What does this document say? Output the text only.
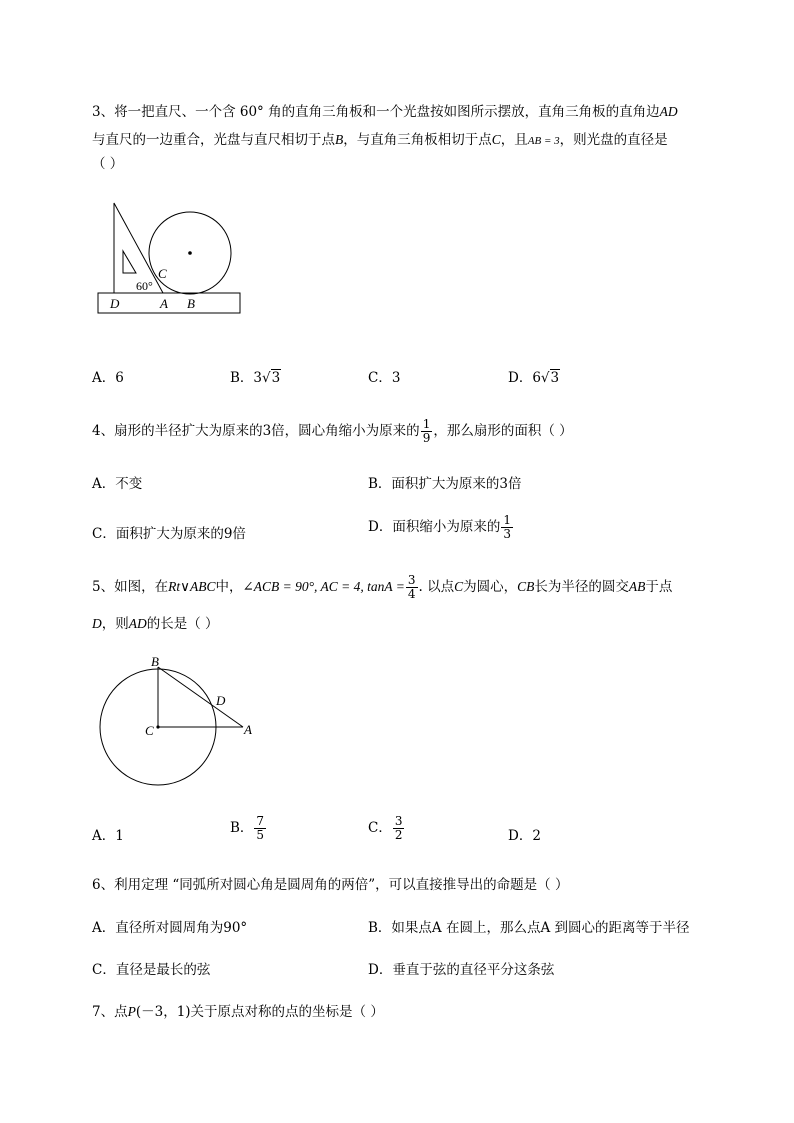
3、将一把直尺、一个含 60° 角的直角三角板和一个光盘按如图所示摆放，直角三角板的直角边AD
与直尺的一边重合，光盘与直尺相切于点B，与直角三角板相切于点C，且AB = 3，则光盘的直径是
（ ）
C
60°
D	A B
A．6	B．3√3	C．3	D．6√3
4、扇形的半径扩大为原来的3倍，圆心角缩小为原来的 $\frac{1}{9}$ ，那么扇形的面积（ ）
A．不变	B．面积扩大为原来的3倍
C．面积扩大为原来的9倍	D．面积缩小为原来的 $\frac{1}{3}$
5、如图，在Rt∨ABC中，∠ACB = 90°, AC = 4, $\tan A = \frac{3}{4}$ . 以点C为圆心，CB长为半径的圆交AB于点
D，则AD的长是（ ）
B
D
C	A
A．1	B． $\frac{7}{5}$	C． $\frac{3}{2}$	D．2
6、利用定理 “同弧所对圆心角是圆周角的两倍”，可以直接推导出的命题是（ ）
A．直径所对圆周角为90°	B．如果点A 在圆上，那么点A 到圆心的距离等于半径
C．直径是最长的弦	D．垂直于弦的直径平分这条弦
7、点P(－3，1)关于原点对称的点的坐标是（ ）
